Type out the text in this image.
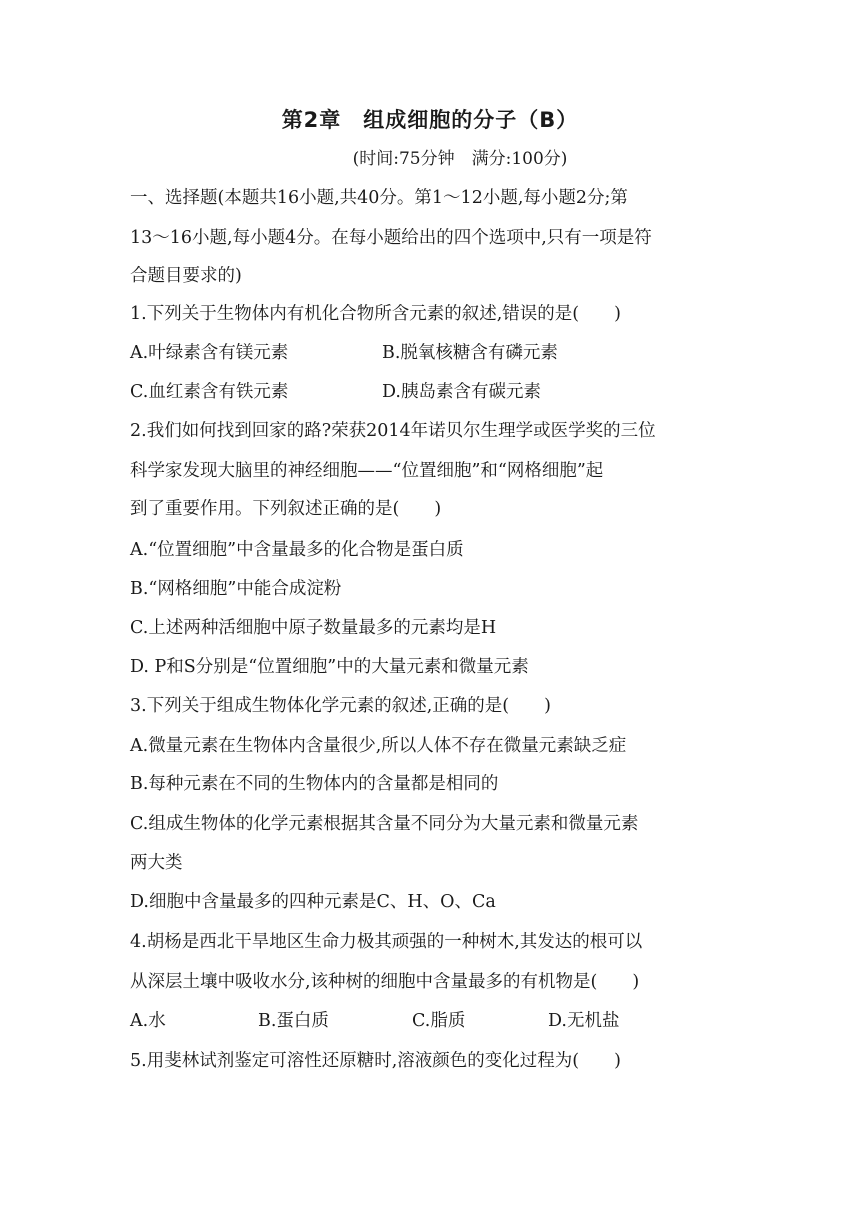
第2章　组成细胞的分子（B）
(时间:75分钟　满分:100分)
一、选择题(本题共16小题,共40分。第1～12小题,每小题2分;第
13～16小题,每小题4分。在每小题给出的四个选项中,只有一项是符
合题目要求的)
1.下列关于生物体内有机化合物所含元素的叙述,错误的是(　　)
A.叶绿素含有镁元素	B.脱氧核糖含有磷元素
C.血红素含有铁元素	D.胰岛素含有碳元素
2.我们如何找到回家的路?荣获2014年诺贝尔生理学或医学奖的三位
科学家发现大脑里的神经细胞——“位置细胞”和“网格细胞”起
到了重要作用。下列叙述正确的是(　　)
A.“位置细胞”中含量最多的化合物是蛋白质
B.“网格细胞”中能合成淀粉
C.上述两种活细胞中原子数量最多的元素均是H
D. P和S分别是“位置细胞”中的大量元素和微量元素
3.下列关于组成生物体化学元素的叙述,正确的是(　　)
A.微量元素在生物体内含量很少,所以人体不存在微量元素缺乏症
B.每种元素在不同的生物体内的含量都是相同的
C.组成生物体的化学元素根据其含量不同分为大量元素和微量元素
两大类
D.细胞中含量最多的四种元素是C、H、O、Ca
4.胡杨是西北干旱地区生命力极其顽强的一种树木,其发达的根可以
从深层土壤中吸收水分,该种树的细胞中含量最多的有机物是(　　)
A.水	B.蛋白质	C.脂质	D.无机盐
5.用斐林试剂鉴定可溶性还原糖时,溶液颜色的变化过程为(　　)
